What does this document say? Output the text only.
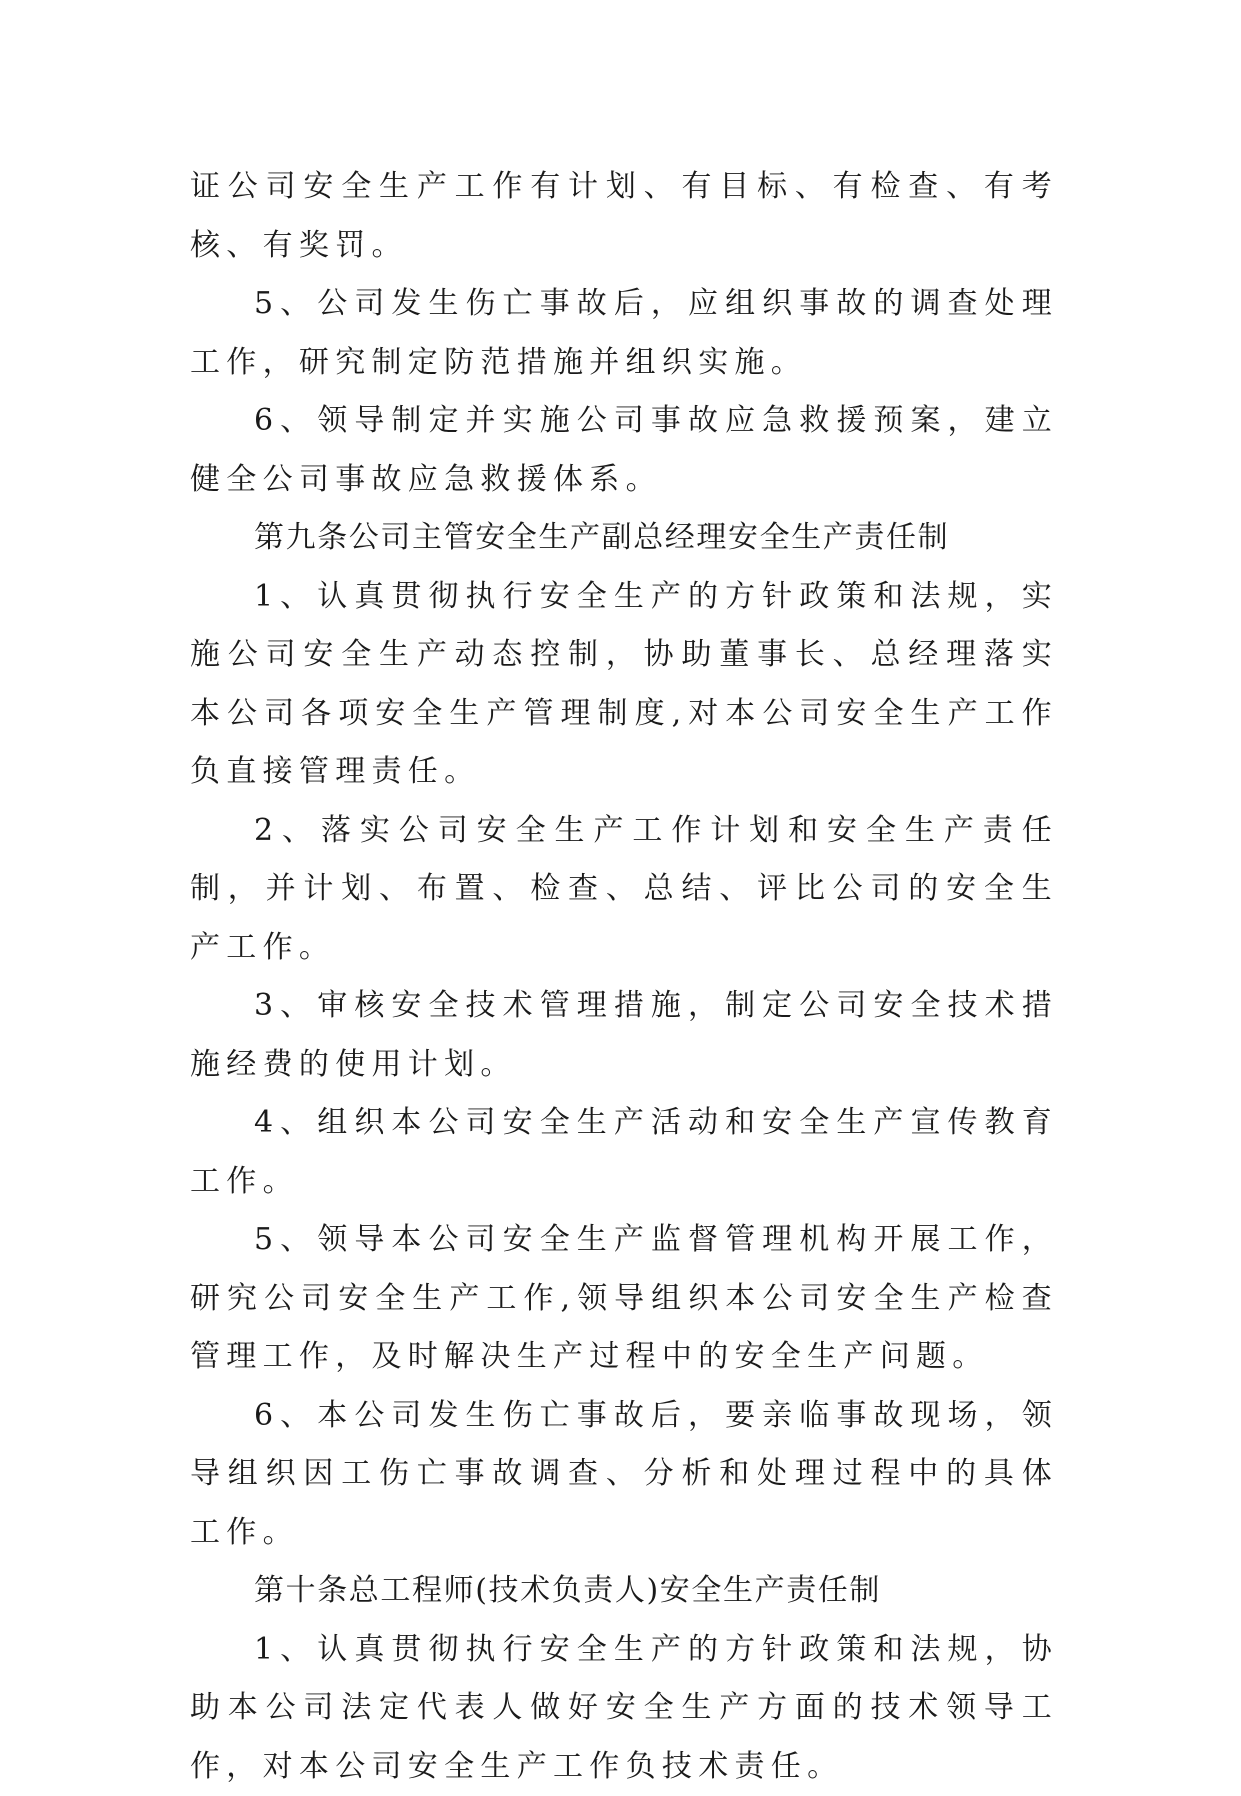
证公司安全生产工作有计划、有目标、有检查、有考核、有奖罚。

5、公司发生伤亡事故后，应组织事故的调查处理工作，研究制定防范措施并组织实施。

6、领导制定并实施公司事故应急救援预案，建立健全公司事故应急救援体系。

第九条公司主管安全生产副总经理安全生产责任制

1、认真贯彻执行安全生产的方针政策和法规，实施公司安全生产动态控制，协助董事长、总经理落实本公司各项安全生产管理制度,对本公司安全生产工作负直接管理责任。

2、落实公司安全生产工作计划和安全生产责任制，并计划、布置、检查、总结、评比公司的安全生产工作。

3、审核安全技术管理措施，制定公司安全技术措施经费的使用计划。

4、组织本公司安全生产活动和安全生产宣传教育工作。

5、领导本公司安全生产监督管理机构开展工作，研究公司安全生产工作,领导组织本公司安全生产检查管理工作，及时解决生产过程中的安全生产问题。

6、本公司发生伤亡事故后，要亲临事故现场，领导组织因工伤亡事故调查、分析和处理过程中的具体工作。

第十条总工程师(技术负责人)安全生产责任制

1、认真贯彻执行安全生产的方针政策和法规，协助本公司法定代表人做好安全生产方面的技术领导工作，对本公司安全生产工作负技术责任。
